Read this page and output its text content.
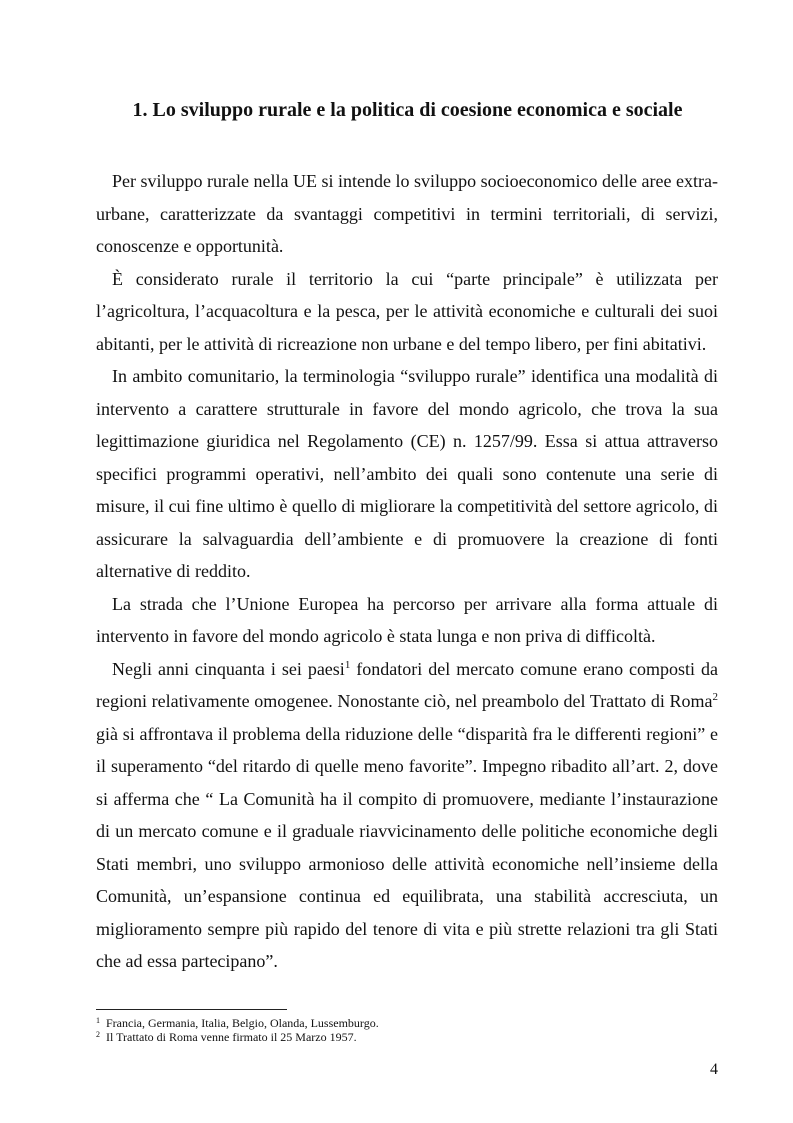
1. Lo sviluppo rurale e la politica di coesione economica e sociale

Per sviluppo rurale nella UE si intende lo sviluppo socioeconomico delle aree extra-urbane, caratterizzate da svantaggi competitivi in termini territoriali, di servizi, conoscenze e opportunità.

È considerato rurale il territorio la cui “parte principale” è utilizzata per l’agricoltura, l’acquacoltura e la pesca, per le attività economiche e culturali dei suoi abitanti, per le attività di ricreazione non urbane e del tempo libero, per fini abitativi.

In ambito comunitario, la terminologia “sviluppo rurale” identifica una modalità di intervento a carattere strutturale in favore del mondo agricolo, che trova la sua legittimazione giuridica nel Regolamento (CE) n. 1257/99. Essa si attua attraverso specifici programmi operativi, nell’ambito dei quali sono contenute una serie di misure, il cui fine ultimo è quello di migliorare la competitività del settore agricolo, di assicurare la salvaguardia dell’ambiente e di promuovere la creazione di fonti alternative di reddito.

La strada che l’Unione Europea ha percorso per arrivare alla forma attuale di intervento in favore del mondo agricolo è stata lunga e non priva di difficoltà.

Negli anni cinquanta i sei paesi$^1$ fondatori del mercato comune erano composti da regioni relativamente omogenee. Nonostante ciò, nel preambolo del Trattato di Roma$^2$ già si affrontava il problema della riduzione delle “disparità fra le differenti regioni” e il superamento “del ritardo di quelle meno favorite”. Impegno ribadito all’art. 2, dove si afferma che “ La Comunità ha il compito di promuovere, mediante l’instaurazione di un mercato comune e il graduale riavvicinamento delle politiche economiche degli Stati membri, uno sviluppo armonioso delle attività economiche nell’insieme della Comunità, un’espansione continua ed equilibrata, una stabilità accresciuta, un miglioramento sempre più rapido del tenore di vita e più strette relazioni tra gli Stati che ad essa partecipano”.

$^1$ Francia, Germania, Italia, Belgio, Olanda, Lussemburgo.

$^2$ Il Trattato di Roma venne firmato il 25 Marzo 1957.

4
